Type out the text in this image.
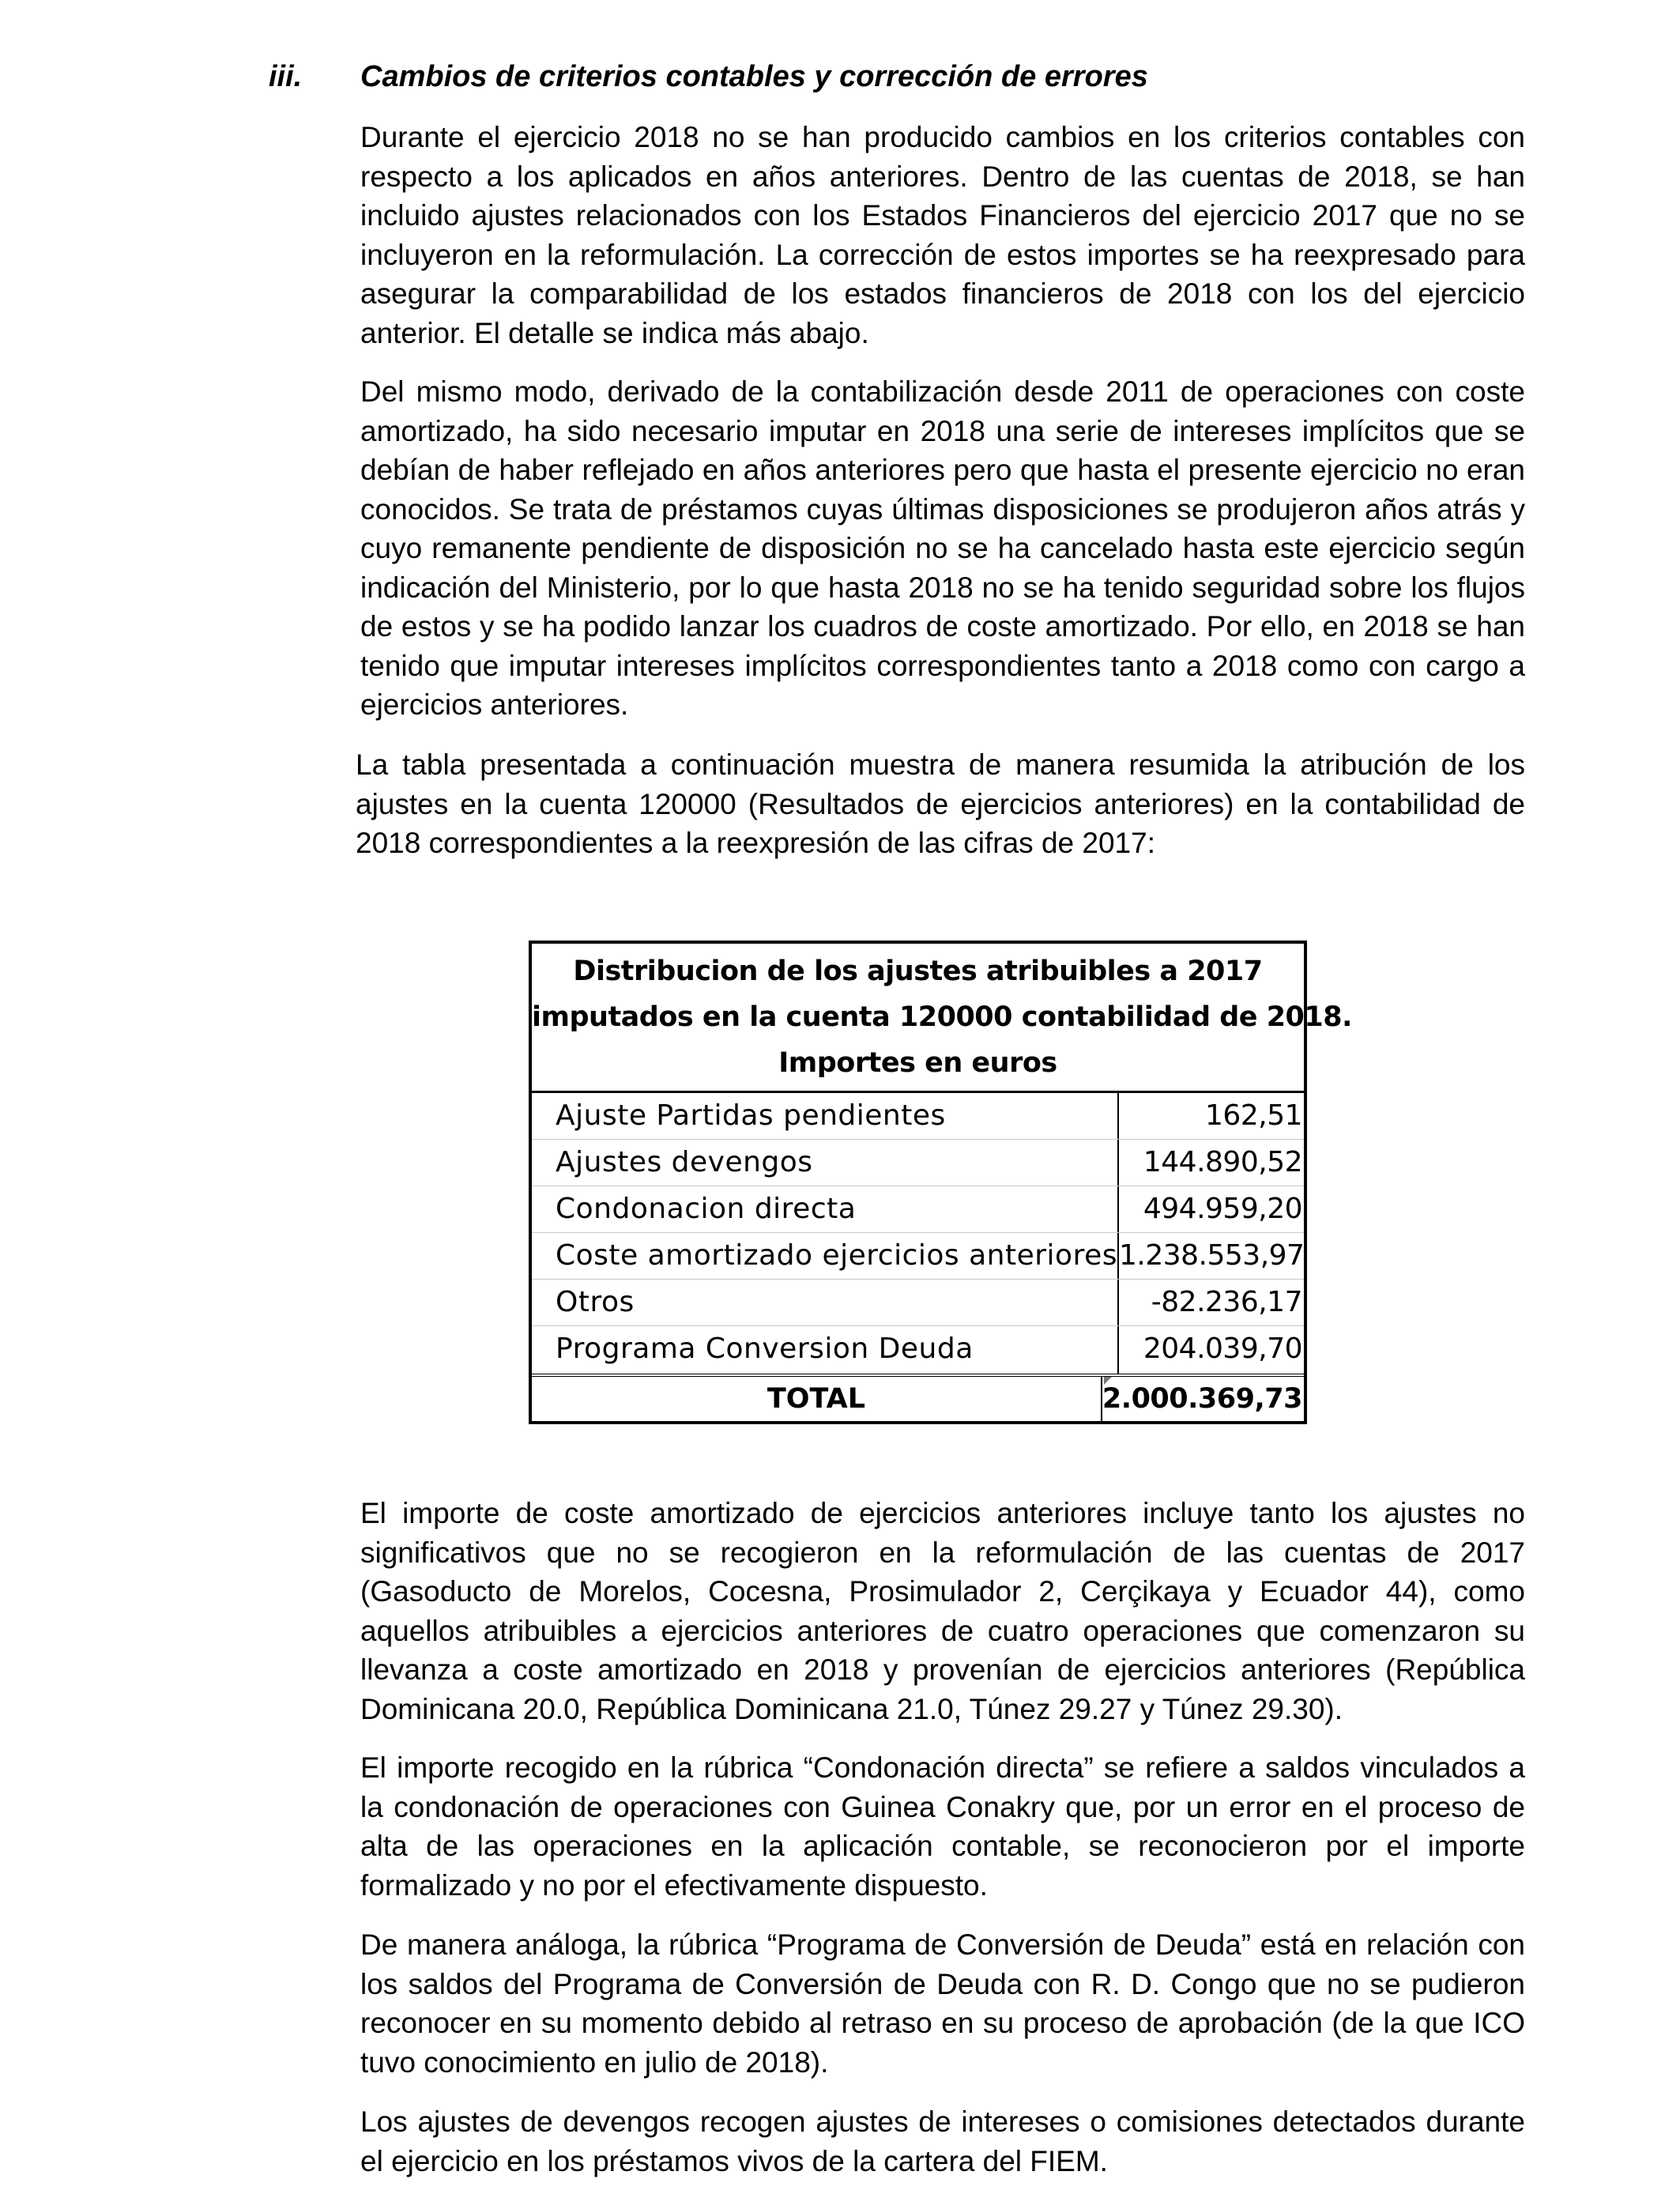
iii. Cambios de criterios contables y corrección de errores

Durante el ejercicio 2018 no se han producido cambios en los criterios contables con respecto a los aplicados en años anteriores. Dentro de las cuentas de 2018, se han incluido ajustes relacionados con los Estados Financieros del ejercicio 2017 que no se incluyeron en la reformulación. La corrección de estos importes se ha reexpresado para asegurar la comparabilidad de los estados financieros de 2018 con los del ejercicio anterior. El detalle se indica más abajo.

Del mismo modo, derivado de la contabilización desde 2011 de operaciones con coste amortizado, ha sido necesario imputar en 2018 una serie de intereses implícitos que se debían de haber reflejado en años anteriores pero que hasta el presente ejercicio no eran conocidos. Se trata de préstamos cuyas últimas disposiciones se produjeron años atrás y cuyo remanente pendiente de disposición no se ha cancelado hasta este ejercicio según indicación del Ministerio, por lo que hasta 2018 no se ha tenido seguridad sobre los flujos de estos y se ha podido lanzar los cuadros de coste amortizado. Por ello, en 2018 se han tenido que imputar intereses implícitos correspondientes tanto a 2018 como con cargo a ejercicios anteriores.

La tabla presentada a continuación muestra de manera resumida la atribución de los ajustes en la cuenta 120000 (Resultados de ejercicios anteriores) en la contabilidad de 2018 correspondientes a la reexpresión de las cifras de 2017:

Distribucion de los ajustes atribuibles a 2017
imputados en la cuenta 120000 contabilidad de 2018.
Importes en euros
Ajuste Partidas pendientes	162,51
Ajustes devengos	144.890,52
Condonacion directa	494.959,20
Coste amortizado ejercicios anteriores 1.238.553,97
Otros	-82.236,17
Programa Conversion Deuda	204.039,70
TOTAL	2.000.369,73

El importe de coste amortizado de ejercicios anteriores incluye tanto los ajustes no significativos que no se recogieron en la reformulación de las cuentas de 2017 (Gasoducto de Morelos, Cocesna, Prosimulador 2, Cerçikaya y Ecuador 44), como aquellos atribuibles a ejercicios anteriores de cuatro operaciones que comenzaron su llevanza a coste amortizado en 2018 y provenían de ejercicios anteriores (República Dominicana 20.0, República Dominicana 21.0, Túnez 29.27 y Túnez 29.30).

El importe recogido en la rúbrica “Condonación directa” se refiere a saldos vinculados a la condonación de operaciones con Guinea Conakry que, por un error en el proceso de alta de las operaciones en la aplicación contable, se reconocieron por el importe formalizado y no por el efectivamente dispuesto.

De manera análoga, la rúbrica “Programa de Conversión de Deuda” está en relación con los saldos del Programa de Conversión de Deuda con R. D. Congo que no se pudieron reconocer en su momento debido al retraso en su proceso de aprobación (de la que ICO tuvo conocimiento en julio de 2018).

Los ajustes de devengos recogen ajustes de intereses o comisiones detectados durante el ejercicio en los préstamos vivos de la cartera del FIEM.
